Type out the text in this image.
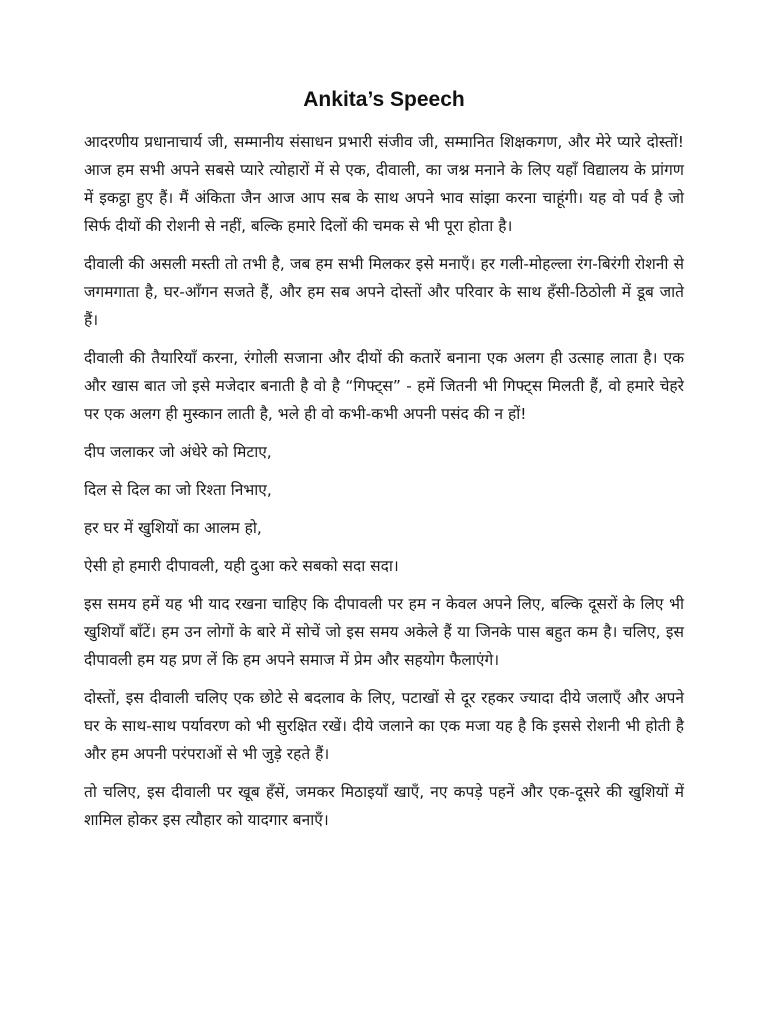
Ankita’s Speech

आदरणीय प्रधानाचार्य जी, सम्मानीय संसाधन प्रभारी संजीव जी, सम्मानित शिक्षकगण, और मेरे प्यारे दोस्तों! आज हम सभी अपने सबसे प्यारे त्योहारों में से एक, दीवाली, का जश्न मनाने के लिए यहाँ विद्यालय के प्रांगण में इकट्ठा हुए हैं। मैं अंकिता जैन आज आप सब के साथ अपने भाव सांझा करना चाहूंगी। यह वो पर्व है जो सिर्फ दीयों की रोशनी से नहीं, बल्कि हमारे दिलों की चमक से भी पूरा होता है।

दीवाली की असली मस्ती तो तभी है, जब हम सभी मिलकर इसे मनाएँ। हर गली-मोहल्ला रंग-बिरंगी रोशनी से जगमगाता है, घर-आँगन सजते हैं, और हम सब अपने दोस्तों और परिवार के साथ हँसी-ठिठोली में डूब जाते हैं।

दीवाली की तैयारियाँ करना, रंगोली सजाना और दीयों की कतारें बनाना एक अलग ही उत्साह लाता है। एक और खास बात जो इसे मजेदार बनाती है वो है “गिफ्ट्स” - हमें जितनी भी गिफ्ट्स मिलती हैं, वो हमारे चेहरे पर एक अलग ही मुस्कान लाती है, भले ही वो कभी-कभी अपनी पसंद की न हों!

दीप जलाकर जो अंधेरे को मिटाए,

दिल से दिल का जो रिश्ता निभाए,

हर घर में खुशियों का आलम हो,

ऐसी हो हमारी दीपावली, यही दुआ करे सबको सदा सदा।

इस समय हमें यह भी याद रखना चाहिए कि दीपावली पर हम न केवल अपने लिए, बल्कि दूसरों के लिए भी खुशियाँ बाँटें। हम उन लोगों के बारे में सोचें जो इस समय अकेले हैं या जिनके पास बहुत कम है। चलिए, इस दीपावली हम यह प्रण लें कि हम अपने समाज में प्रेम और सहयोग फैलाएंगे।

दोस्तों, इस दीवाली चलिए एक छोटे से बदलाव के लिए, पटाखों से दूर रहकर ज्यादा दीये जलाएँ और अपने घर के साथ-साथ पर्यावरण को भी सुरक्षित रखें। दीये जलाने का एक मजा यह है कि इससे रोशनी भी होती है और हम अपनी परंपराओं से भी जुड़े रहते हैं।

तो चलिए, इस दीवाली पर खूब हँसें, जमकर मिठाइयाँ खाएँ, नए कपड़े पहनें और एक-दूसरे की खुशियों में शामिल होकर इस त्यौहार को यादगार बनाएँ।
